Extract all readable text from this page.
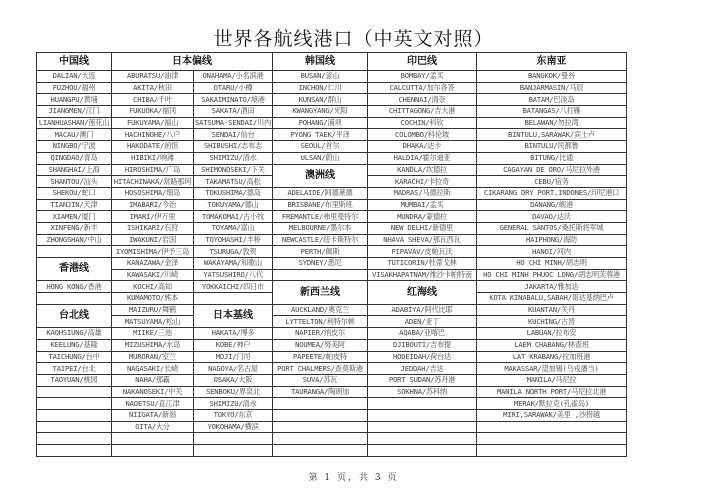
世界各航线港口（中英文对照）
中国线	日本偏线		韩国线	印巴线	东南亚
DALIAN/大连	ABURATSU/油津	ONAHAMA/小名滨港	BUSAN/釜山	BOMBAY/孟买	BANGKOK/曼谷
FUZHOU/福州	AKITA/秋田	OTARU/小樽	INCHON/仁川	CALCUTTA/加尔各答	BANJARMASIN/马辰
HUANGPU/黄埔	CHIBA/千叶	SAKAIMINATO/境港	KUNSAN/群山	CHENNAI/清奈	BATAM/巴淡岛
JIANGMEN/江门	FUKUOKA/福冈	SAKATA/酒田	KWANGYANG/光阳	CHITTAGONG/吉大港	BATANGAS/八打雁
LIANHUASHAN/莲花山	FUKUYAMA/福山	SATSUMA-SENDAI/川内	POHANG/浦项	COCHIN/科钦	BELAWAN/勿拉湾
MACAU/澳门	HACHINOHE/八户	SENDAI/仙台	PYONG TAEK/平泽	COLOMBO/科伦坡	BINTULU,SARAWAK/宾士卢
NINGBO/宁波	HAKODATE/函馆	SHIBUSHI/志布志	SEOUL/首尔	DHAKA/达卡	BINTULU/民都鲁
QINGDAO/青岛	HIBIKI/响滩	SHIMIZU/清水	ULSAN/蔚山	HALDIA/霍尔迪亚	BITUNG/比通
SHANGHAI/上海	HIROSHIMA/广岛	SHIMONOSEKI/下关	澳洲线	KANDLA/坎德拉	CAGAYAN DE ORO/马尼拉外港
SHANTOU/汕头	HITACHINAKA/常路那珂	TAKAMATSU/高松		KARACHI/卡拉奇	CEBU/宿务
SHEKOU/蛇口	HOSOSHIMA/细岛	TOKUSHIMA/德岛	ADELAIDE/阿德莱德	MADRAS/马德拉斯	CIKARANG DRY PORT,INDONES/印尼港口
TIANJIN/天津	IMABARI/今治	TOKUYAMA/德山	BRISBANE/布里斯班	MUMBAI/孟买	DANANG/岘港
XIAMEN/厦门	IMARI/伊万里	TOMAKOMAI/古小牧	FREMANTLE/弗里曼特尔	MUNDRA/蒙德拉	DAVAO/达沃
XINFENG/新丰	ISHIKARI/石狩	TOYAMA/富山	MELBOURNE/墨尔本	NEW DELHI/新德里	GENERAL SANTOS/桑托斯将军城
ZHONGSHAN/中山	IWAKUNI/岩国	TOYOHASHI/丰桥	NEWCASTLE/纽卡斯特尔	NHAVA SHEVA/那瓦西瓦	HAIPHONG/海防
	IYOMISHIMA/伊予三岛	TSURUGA/敦贺	PERTH/佩斯	PIPAVAV/皮帕瓦沃	HANOI/河内
香港线	KANAZAWA/金泽	WAKAYAMA/和歌山	SYDNEY/悉尼	TUTICORIN/杜蒂戈林	HO CHI MINH/胡志明
	KAWASAKI/川崎	YATSUSHIRO/八代		VISAKHAPATNAM/维沙卡帕特南	HO CHI MINH PHUOC LONG/胡志明芙蓉港
HONG KONG/香港	KOCHI/高知	YOKKAICHI/四日市	新西兰线	红海线	JAKARTA/雅加达
	KUMAMOTO/熊本				KOTA KINABALU,SABAH/哥达基纳巴卢
台北线	MAIZURU/舞鹤	日本基线	AUCKLAND/奥克兰	ADABIYA/阿代比耶	KUANTAN/关丹
	MATSUYAMA/松山		LYTTELTON/利特尔顿	ADEN/亚丁	KUCHING/古晋
KAOHSIUNG/高雄	MIIKE/三池	HAKATA/博多	NAPIER/纳皮尔	AQABA/亚喀巴	LABUAN/拉布安
KEELUNG/基隆	MIZUSHIMA/水岛	KOBE/神户	NOUMEA/努美阿	DJIBOUTI/吉布提	LAEM CHABANG/林查班
TAICHUNG/台中	MURORAN/室兰	MOJI/门司	PAPEETE/帕皮特	HODEIDAH/荷台达	LAT KRABANG/拉加班港
TAIPEI/台北	NAGASAKI/长崎	NAGOYA/名古屋	PORT CHALMERS/查莫斯港	JEDDAH/吉达	MAKASSAR/望加锡(乌戎潘当)
TAOYUAN/桃园	NAHA/那霸	OSAKA/大阪	SUVA/苏瓦	PORT SUDAN/苏丹港	MANILA/马尼拉
	NAKANOSEKI/中关	SENBOKU/界泉北	TAURANGA/陶朗加	SOKHNA/苏科纳	MANILA NORTH PORT/马尼拉北港
	NAOETSU/直江津	SHIMIZU/清水			MERAK/默拉克(孔雀岛)
	NIIGATA/新潟	TOKYO/东京			MIRI,SARAWAK/美里 ,沙捞越
	OITA/大分	YOKOHAMA/横滨			

第 1 页，共 3 页
